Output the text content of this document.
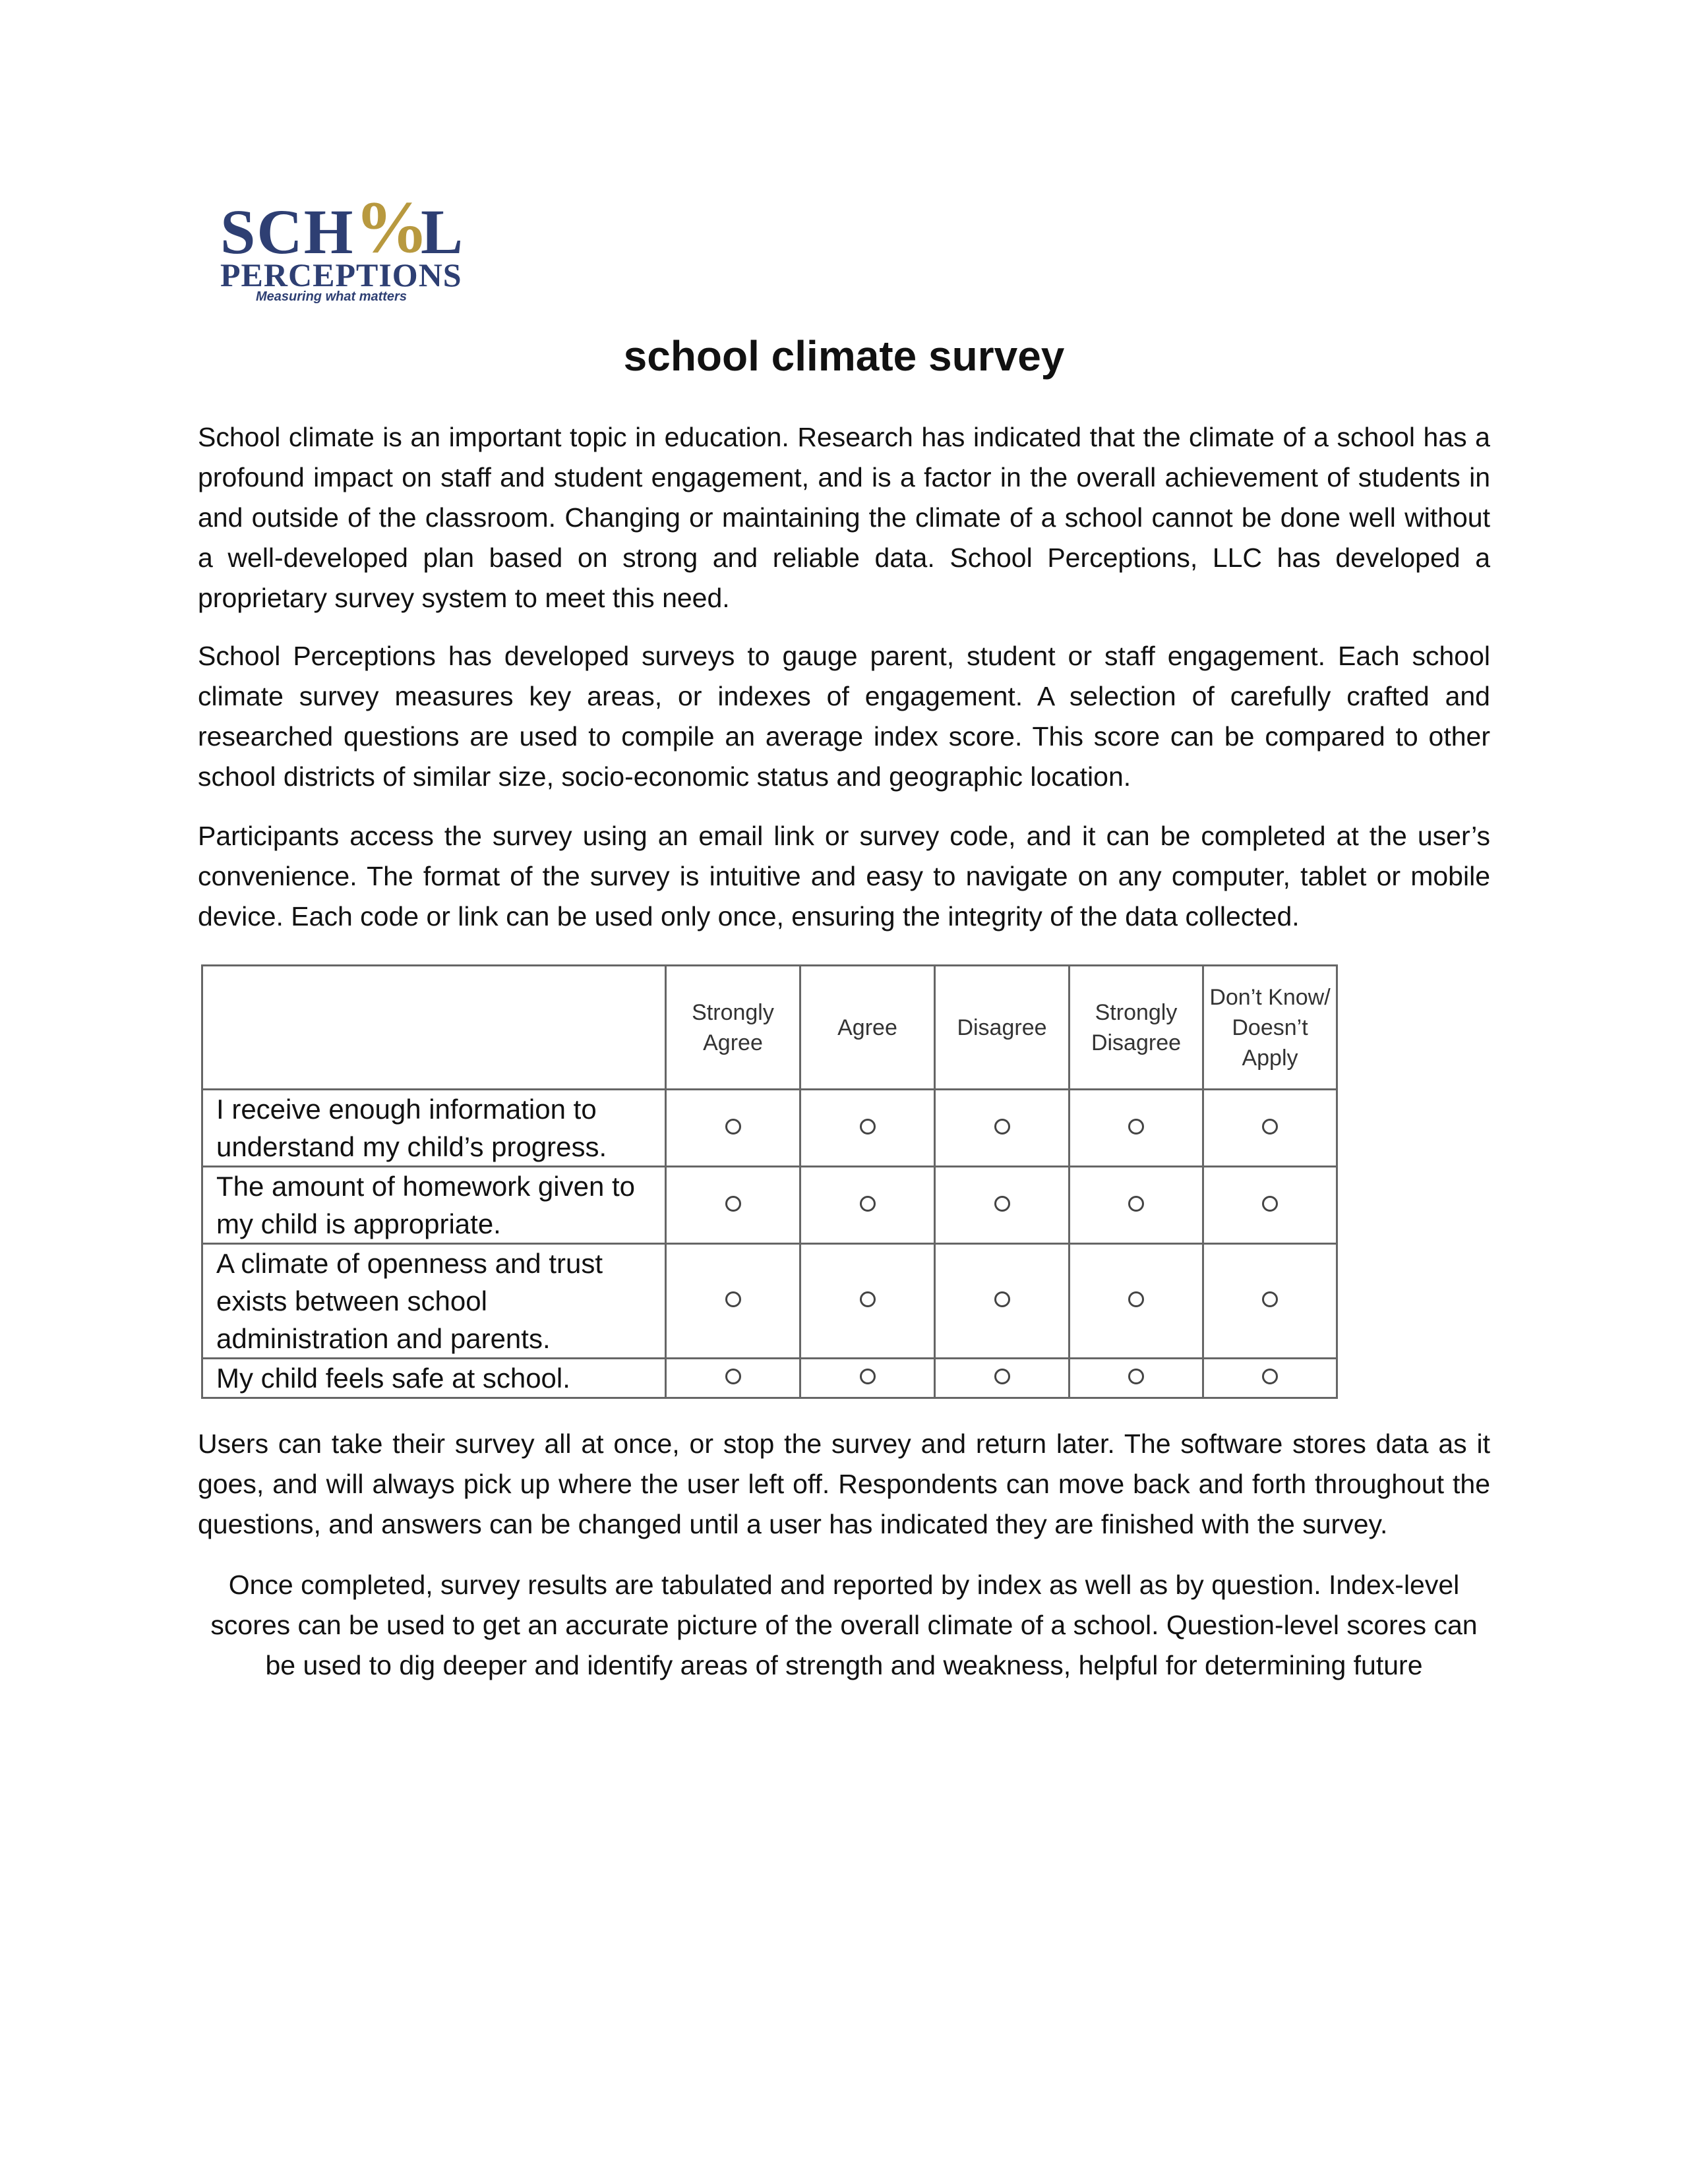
SCH %
L
PERCEPTIONS
Measuring what matters
school climate survey

School climate is an important topic in education. Research has indicated that the climate of a school has a profound impact on staff and student engagement, and is a factor in the overall achievement of students in and outside of the classroom. Changing or maintaining the climate of a school cannot be done well without a well-developed plan based on strong and reliable data. School Perceptions, LLC has developed a proprietary survey system to meet this need.

School Perceptions has developed surveys to gauge parent, student or staff engagement. Each school climate survey measures key areas, or indexes of engagement. A selection of carefully crafted and researched questions are used to compile an average index score. This score can be compared to other school districts of similar size, socio-economic status and geographic location.

Participants access the survey using an email link or survey code, and it can be completed at the user’s convenience. The format of the survey is intuitive and easy to navigate on any computer, tablet or mobile device. Each code or link can be used only once, ensuring the integrity of the data collected.

	Strongly Agree	Agree	Disagree	Strongly Disagree	Don’t Know/ Doesn’t Apply
I receive enough information to understand my child’s progress.					
The amount of homework given to my child is appropriate.					
A climate of openness and trust exists between school administration and parents.					
My child feels safe at school.					

Users can take their survey all at once, or stop the survey and return later. The software stores data as it goes, and will always pick up where the user left off. Respondents can move back and forth throughout the questions, and answers can be changed until a user has indicated they are finished with the survey.

Once completed, survey results are tabulated and reported by index as well as by question. Index-level scores can be used to get an accurate picture of the overall climate of a school. Question-level scores can be used to dig deeper and identify areas of strength and weakness, helpful for determining future
